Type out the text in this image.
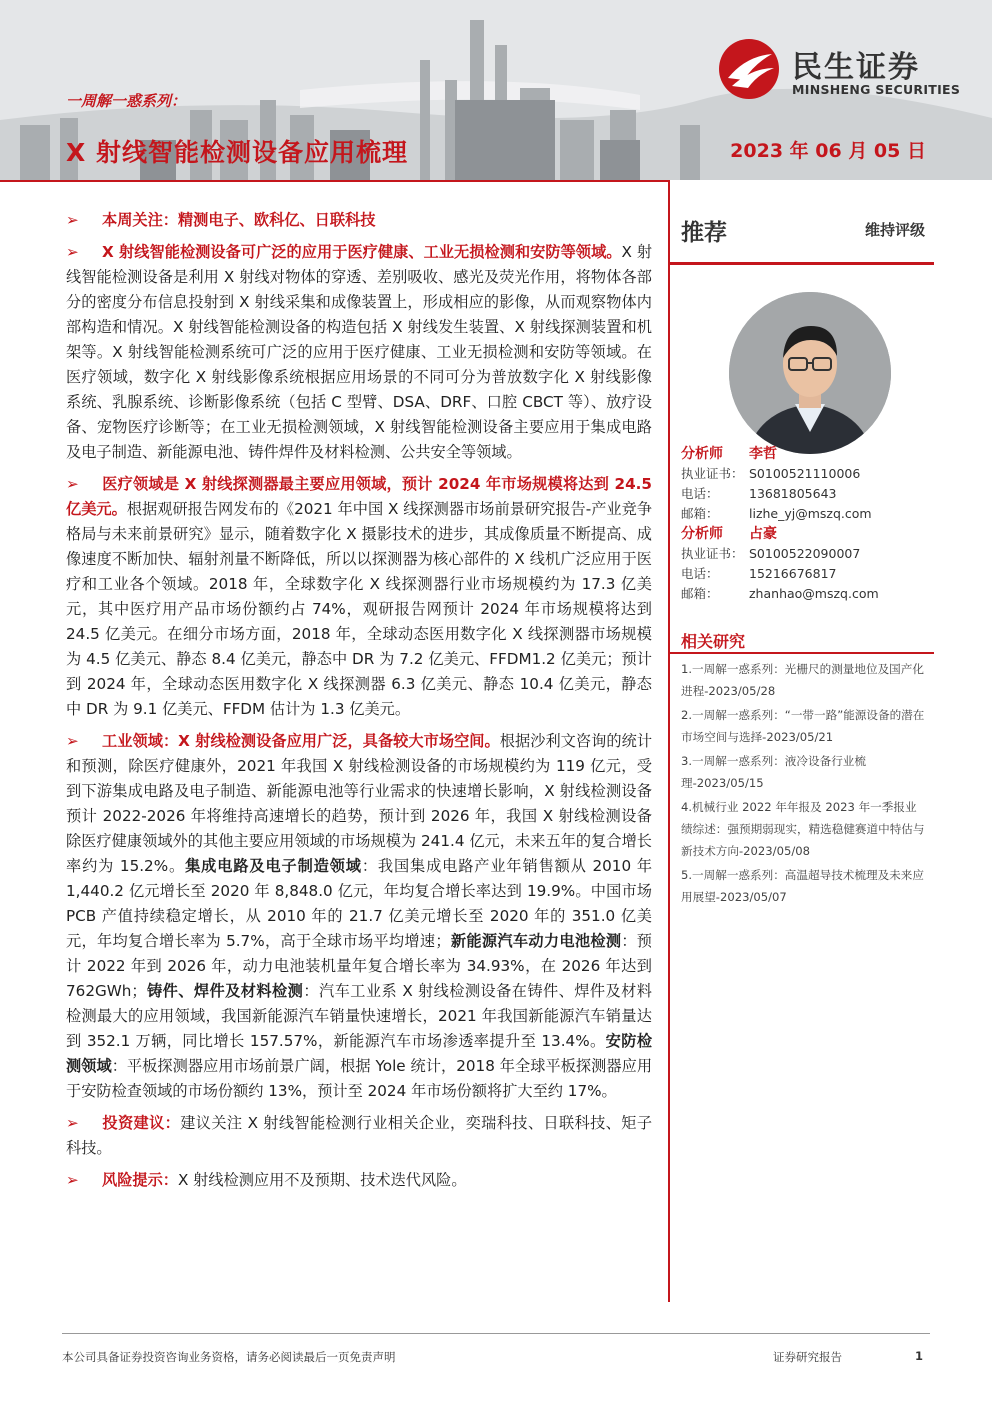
一周解一惑系列：
X 射线智能检测设备应用梳理	2023 年 06 月 05 日
民生证券
MINSHENG SECURITIES

➢ 本周关注：精测电子、欧科亿、日联科技

➢ X 射线智能检测设备可广泛的应用于医疗健康、工业无损检测和安防等领域。X 射线智能检测设备是利用 X 射线对物体的穿透、差别吸收、感光及荧光作用，将物体各部分的密度分布信息投射到 X 射线采集和成像装置上，形成相应的影像，从而观察物体内部构造和情况。X 射线智能检测设备的构造包括 X 射线发生装置、X 射线探测装置和机架等。X 射线智能检测系统可广泛的应用于医疗健康、工业无损检测和安防等领域。在医疗领域，数字化 X 射线影像系统根据应用场景的不同可分为普放数字化 X 射线影像系统、乳腺系统、诊断影像系统（包括 C 型臂、DSA、DRF、口腔 CBCT 等）、放疗设备、宠物医疗诊断等；在工业无损检测领域，X 射线智能检测设备主要应用于集成电路及电子制造、新能源电池、铸件焊件及材料检测、公共安全等领域。

➢ 医疗领域是 X 射线探测器最主要应用领域，预计 2024 年市场规模将达到 24.5 亿美元。根据观研报告网发布的《2021 年中国 X 线探测器市场前景研究报告-产业竞争格局与未来前景研究》显示，随着数字化 X 摄影技术的进步，其成像质量不断提高、成像速度不断加快、辐射剂量不断降低，所以以探测器为核心部件的 X 线机广泛应用于医疗和工业各个领域。2018 年，全球数字化 X 线探测器行业市场规模约为 17.3 亿美元，其中医疗用产品市场份额约占 74%，观研报告网预计 2024 年市场规模将达到 24.5 亿美元。在细分市场方面，2018 年，全球动态医用数字化 X 线探测器市场规模为 4.5 亿美元、静态 8.4 亿美元，静态中 DR 为 7.2 亿美元、FFDM1.2 亿美元；预计到 2024 年，全球动态医用数字化 X 线探测器 6.3 亿美元、静态 10.4 亿美元，静态中 DR 为 9.1 亿美元、FFDM 估计为 1.3 亿美元。

➢ 工业领域：X 射线检测设备应用广泛，具备较大市场空间。根据沙利文咨询的统计和预测，除医疗健康外，2021 年我国 X 射线检测设备的市场规模约为 119 亿元，受到下游集成电路及电子制造、新能源电池等行业需求的快速增长影响，X 射线检测设备预计 2022-2026 年将维持高速增长的趋势，预计到 2026 年，我国 X 射线检测设备除医疗健康领域外的其他主要应用领域的市场规模为 241.4 亿元，未来五年的复合增长率约为 15.2%。集成电路及电子制造领域：我国集成电路产业年销售额从 2010 年 1,440.2 亿元增长至 2020 年 8,848.0 亿元，年均复合增长率达到 19.9%。中国市场 PCB 产值持续稳定增长，从 2010 年的 21.7 亿美元增长至 2020 年的 351.0 亿美元，年均复合增长率为 5.7%，高于全球市场平均增速；新能源汽车动力电池检测：预计 2022 年到 2026 年，动力电池装机量年复合增长率为 34.93%，在 2026 年达到 762GWh；铸件、焊件及材料检测：汽车工业系 X 射线检测设备在铸件、焊件及材料检测最大的应用领域，我国新能源汽车销量快速增长，2021 年我国新能源汽车销量达到 352.1 万辆，同比增长 157.57%，新能源汽车市场渗透率提升至 13.4%。安防检测领域：平板探测器应用市场前景广阔，根据 Yole 统计，2018 年全球平板探测器应用于安防检查领域的市场份额约 13%，预计至 2024 年市场份额将扩大至约 17%。

➢ 投资建议：建议关注 X 射线智能检测行业相关企业，奕瑞科技、日联科技、矩子科技。

➢ 风险提示：X 射线检测应用不及预期、技术迭代风险。

推荐	维持评级
分析师	李哲
执业证书： S0100521110006
电话：	13681805643
邮箱：	lizhe_yj@mszq.com
分析师	占豪
执业证书： S0100522090007
电话：	15216676817
邮箱：	zhanhao@mszq.com
相关研究
1.一周解一惑系列：光栅尺的测量地位及国产化进程-2023/05/28
2.一周解一惑系列：“一带一路”能源设备的潜在市场空间与选择-2023/05/21
3.一周解一惑系列：液冷设备行业梳理-2023/05/15
4.机械行业 2022 年年报及 2023 年一季报业绩综述：强预期弱现实，精选稳健赛道中特估与新技术方向-2023/05/08
5.一周解一惑系列：高温超导技术梳理及未来应用展望-2023/05/07
本公司具备证券投资咨询业务资格，请务必阅读最后一页免责声明	证券研究报告	1
